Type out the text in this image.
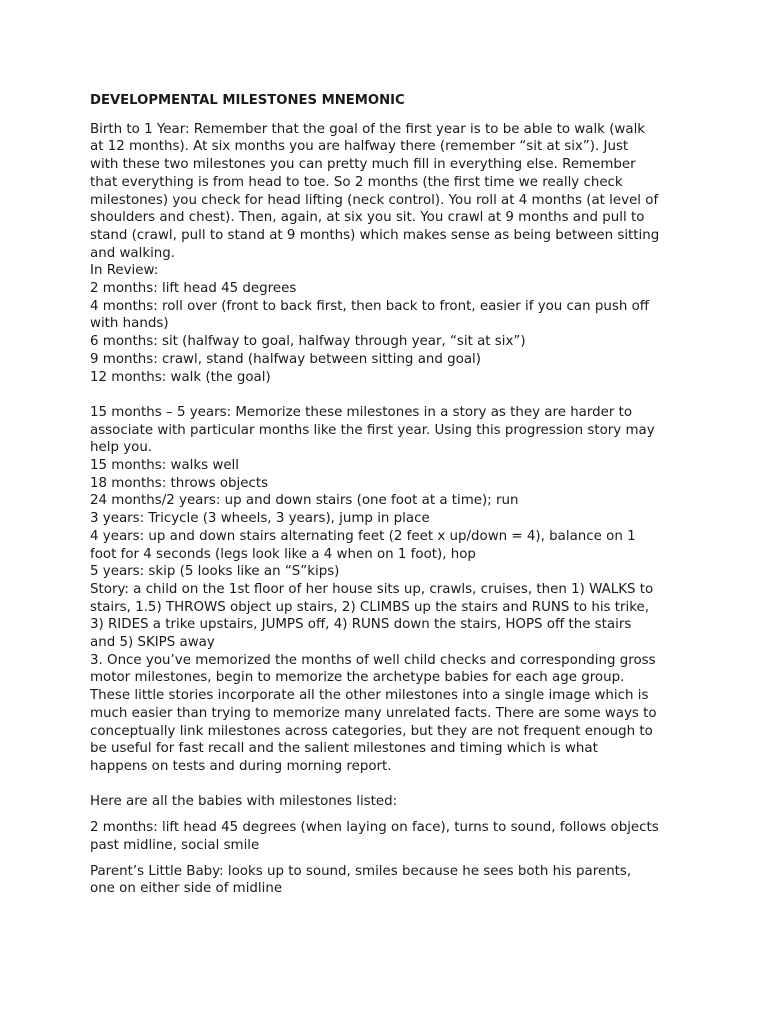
DEVELOPMENTAL MILESTONES MNEMONIC
Birth to 1 Year: Remember that the goal of the first year is to be able to walk (walk
at 12 months). At six months you are halfway there (remember “sit at six”). Just
with these two milestones you can pretty much fill in everything else. Remember
that everything is from head to toe. So 2 months (the first time we really check
milestones) you check for head lifting (neck control). You roll at 4 months (at level of
shoulders and chest). Then, again, at six you sit. You crawl at 9 months and pull to
stand (crawl, pull to stand at 9 months) which makes sense as being between sitting
and walking.
In Review:
2 months: lift head 45 degrees
4 months: roll over (front to back first, then back to front, easier if you can push off
with hands)
6 months: sit (halfway to goal, halfway through year, “sit at six”)
9 months: crawl, stand (halfway between sitting and goal)
12 months: walk (the goal)
15 months – 5 years: Memorize these milestones in a story as they are harder to
associate with particular months like the first year. Using this progression story may
help you.
15 months: walks well
18 months: throws objects
24 months/2 years: up and down stairs (one foot at a time); run
3 years: Tricycle (3 wheels, 3 years), jump in place
4 years: up and down stairs alternating feet (2 feet x up/down = 4), balance on 1
foot for 4 seconds (legs look like a 4 when on 1 foot), hop
5 years: skip (5 looks like an “S”kips)
Story: a child on the 1st floor of her house sits up, crawls, cruises, then 1) WALKS to
stairs, 1.5) THROWS object up stairs, 2) CLIMBS up the stairs and RUNS to his trike,
3) RIDES a trike upstairs, JUMPS off, 4) RUNS down the stairs, HOPS off the stairs
and 5) SKIPS away
3. Once you’ve memorized the months of well child checks and corresponding gross
motor milestones, begin to memorize the archetype babies for each age group.
These little stories incorporate all the other milestones into a single image which is
much easier than trying to memorize many unrelated facts. There are some ways to
conceptually link milestones across categories, but they are not frequent enough to
be useful for fast recall and the salient milestones and timing which is what
happens on tests and during morning report.
Here are all the babies with milestones listed:
2 months: lift head 45 degrees (when laying on face), turns to sound, follows objects
past midline, social smile
Parent’s Little Baby: looks up to sound, smiles because he sees both his parents,
one on either side of midline
